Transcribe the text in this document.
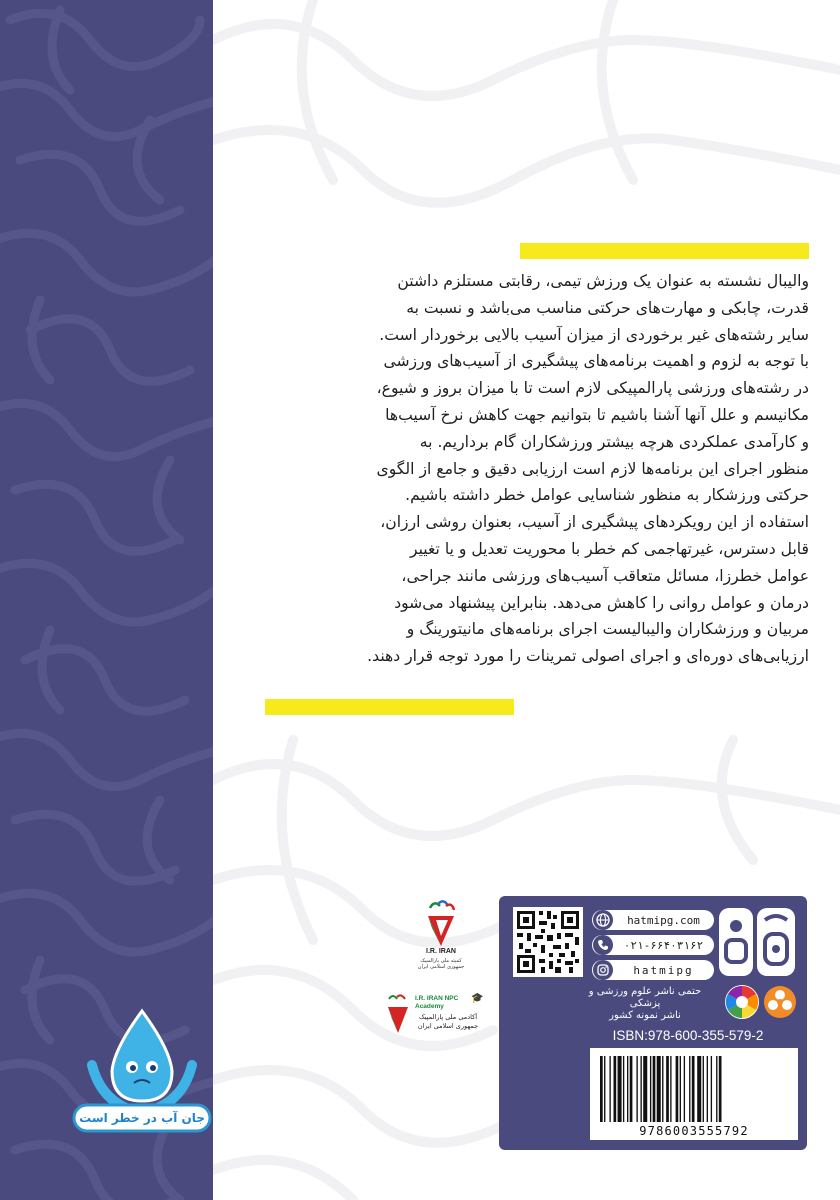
والیبال نشسته به عنوان یک ورزش تیمی، رقابتی مستلزم داشتن

قدرت، چابکی و مهارت‌های حرکتی مناسب می‌باشد و نسبت به

سایر رشته‌های غیر برخوردی از میزان آسیب بالایی برخوردار است.

با توجه به لزوم و اهمیت برنامه‌های پیشگیری از آسیب‌های ورزشی

در رشته‌های ورزشی پارالمپیکی لازم است تا با میزان بروز و شیوع،

مکانیسم و علل آنها آشنا باشیم تا بتوانیم جهت کاهش نرخ آسیب‌ها

و کارآمدی عملکردی هرچه بیشتر ورزشکاران گام برداریم. به

منظور اجرای این برنامه‌ها لازم است ارزیابی دقیق و جامع از الگوی

حرکتی ورزشکار به منظور شناسایی عوامل خطر داشته باشیم.

استفاده از این رویکردهای پیشگیری از آسیب، بعنوان روشی ارزان،

قابل دسترس، غیرتهاجمی کم خطر با محوریت تعدیل و یا تغییر

عوامل خطرزا، مسائل متعاقب آسیب‌های ورزشی مانند جراحی،

درمان و عوامل روانی را کاهش می‌دهد. بنابراین پیشنهاد می‌شود

مربیان و ورزشکاران والیبالیست اجرای برنامه‌های مانیتورینگ و

ارزیابی‌های دوره‌ای و اجرای اصولی تمرینات را مورد توجه قرار دهند.

I.R. IRAN
کمیته ملی پارالمپیک جمهوری اسلامی ایران
I.R. IRAN NPC Academy
آکادمی ملی پارالمپیک
جمهوری اسلامی ایران
🎓
جان آب در خطر است
hatmipg.com
۰۲۱-۶۶۴۰۳۱۶۲
hatmipg
حتمی ناشر علوم ورزشی و پزشکی
ناشر نمونه کشور
ISBN:978-600-355-579-2
9786003555792
